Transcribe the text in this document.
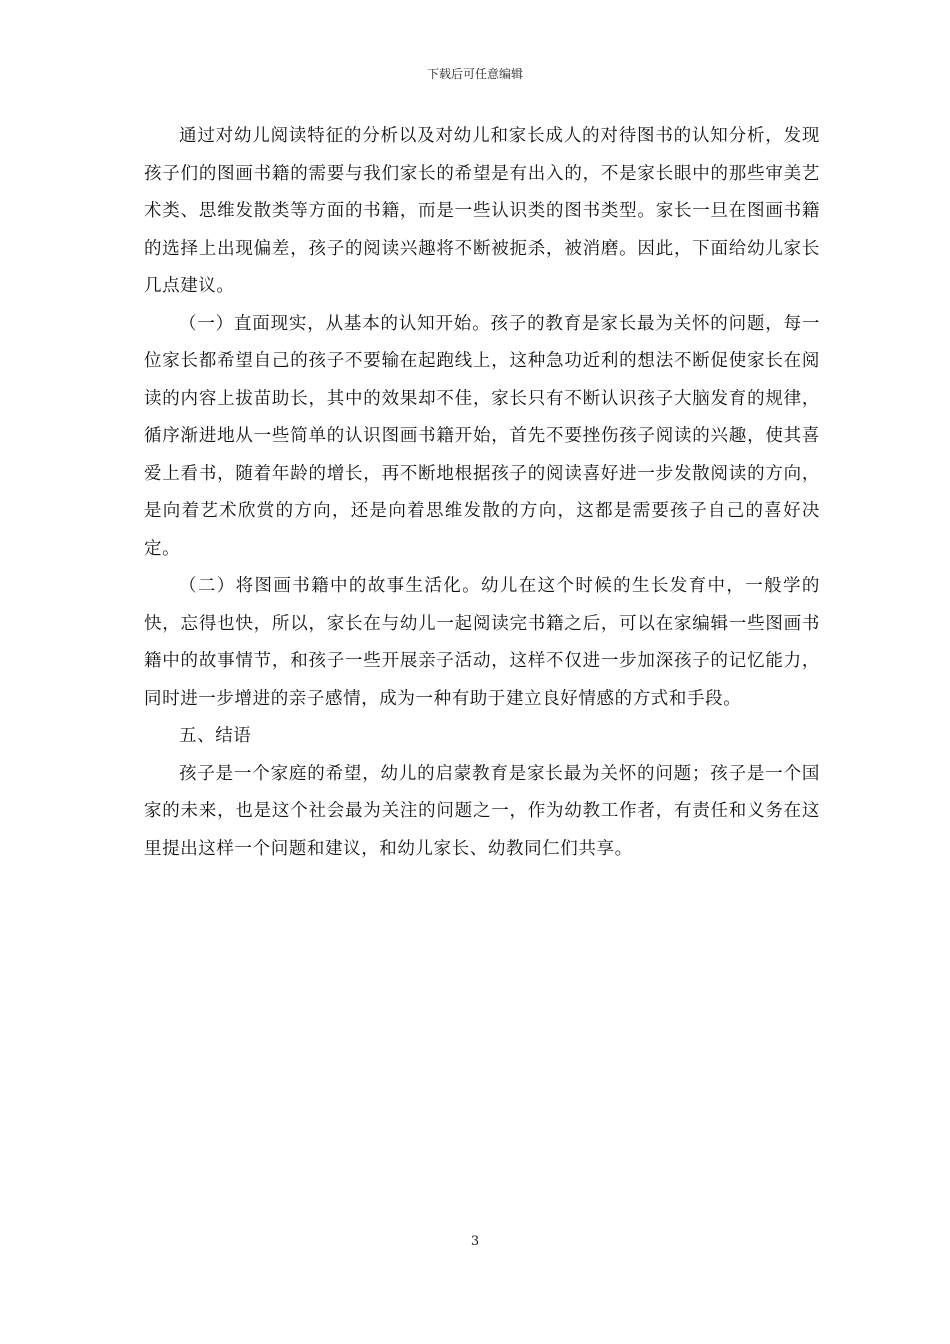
下载后可任意编辑

通过对幼儿阅读特征的分析以及对幼儿和家长成人的对待图书的认知分析，发现孩子们的图画书籍的需要与我们家长的希望是有出入的，不是家长眼中的那些审美艺术类、思维发散类等方面的书籍，而是一些认识类的图书类型。家长一旦在图画书籍的选择上出现偏差，孩子的阅读兴趣将不断被扼杀，被消磨。因此，下面给幼儿家长几点建议。

（一）直面现实，从基本的认知开始。孩子的教育是家长最为关怀的问题，每一位家长都希望自己的孩子不要输在起跑线上，这种急功近利的想法不断促使家长在阅读的内容上拔苗助长，其中的效果却不佳，家长只有不断认识孩子大脑发育的规律，循序渐进地从一些简单的认识图画书籍开始，首先不要挫伤孩子阅读的兴趣，使其喜爱上看书，随着年龄的增长，再不断地根据孩子的阅读喜好进一步发散阅读的方向，是向着艺术欣赏的方向，还是向着思维发散的方向，这都是需要孩子自己的喜好决定。

（二）将图画书籍中的故事生活化。幼儿在这个时候的生长发育中，一般学的快，忘得也快，所以，家长在与幼儿一起阅读完书籍之后，可以在家编辑一些图画书籍中的故事情节，和孩子一些开展亲子活动，这样不仅进一步加深孩子的记忆能力，同时进一步增进的亲子感情，成为一种有助于建立良好情感的方式和手段。

五、结语

孩子是一个家庭的希望，幼儿的启蒙教育是家长最为关怀的问题；孩子是一个国家的未来，也是这个社会最为关注的问题之一，作为幼教工作者，有责任和义务在这里提出这样一个问题和建议，和幼儿家长、幼教同仁们共享。

3
